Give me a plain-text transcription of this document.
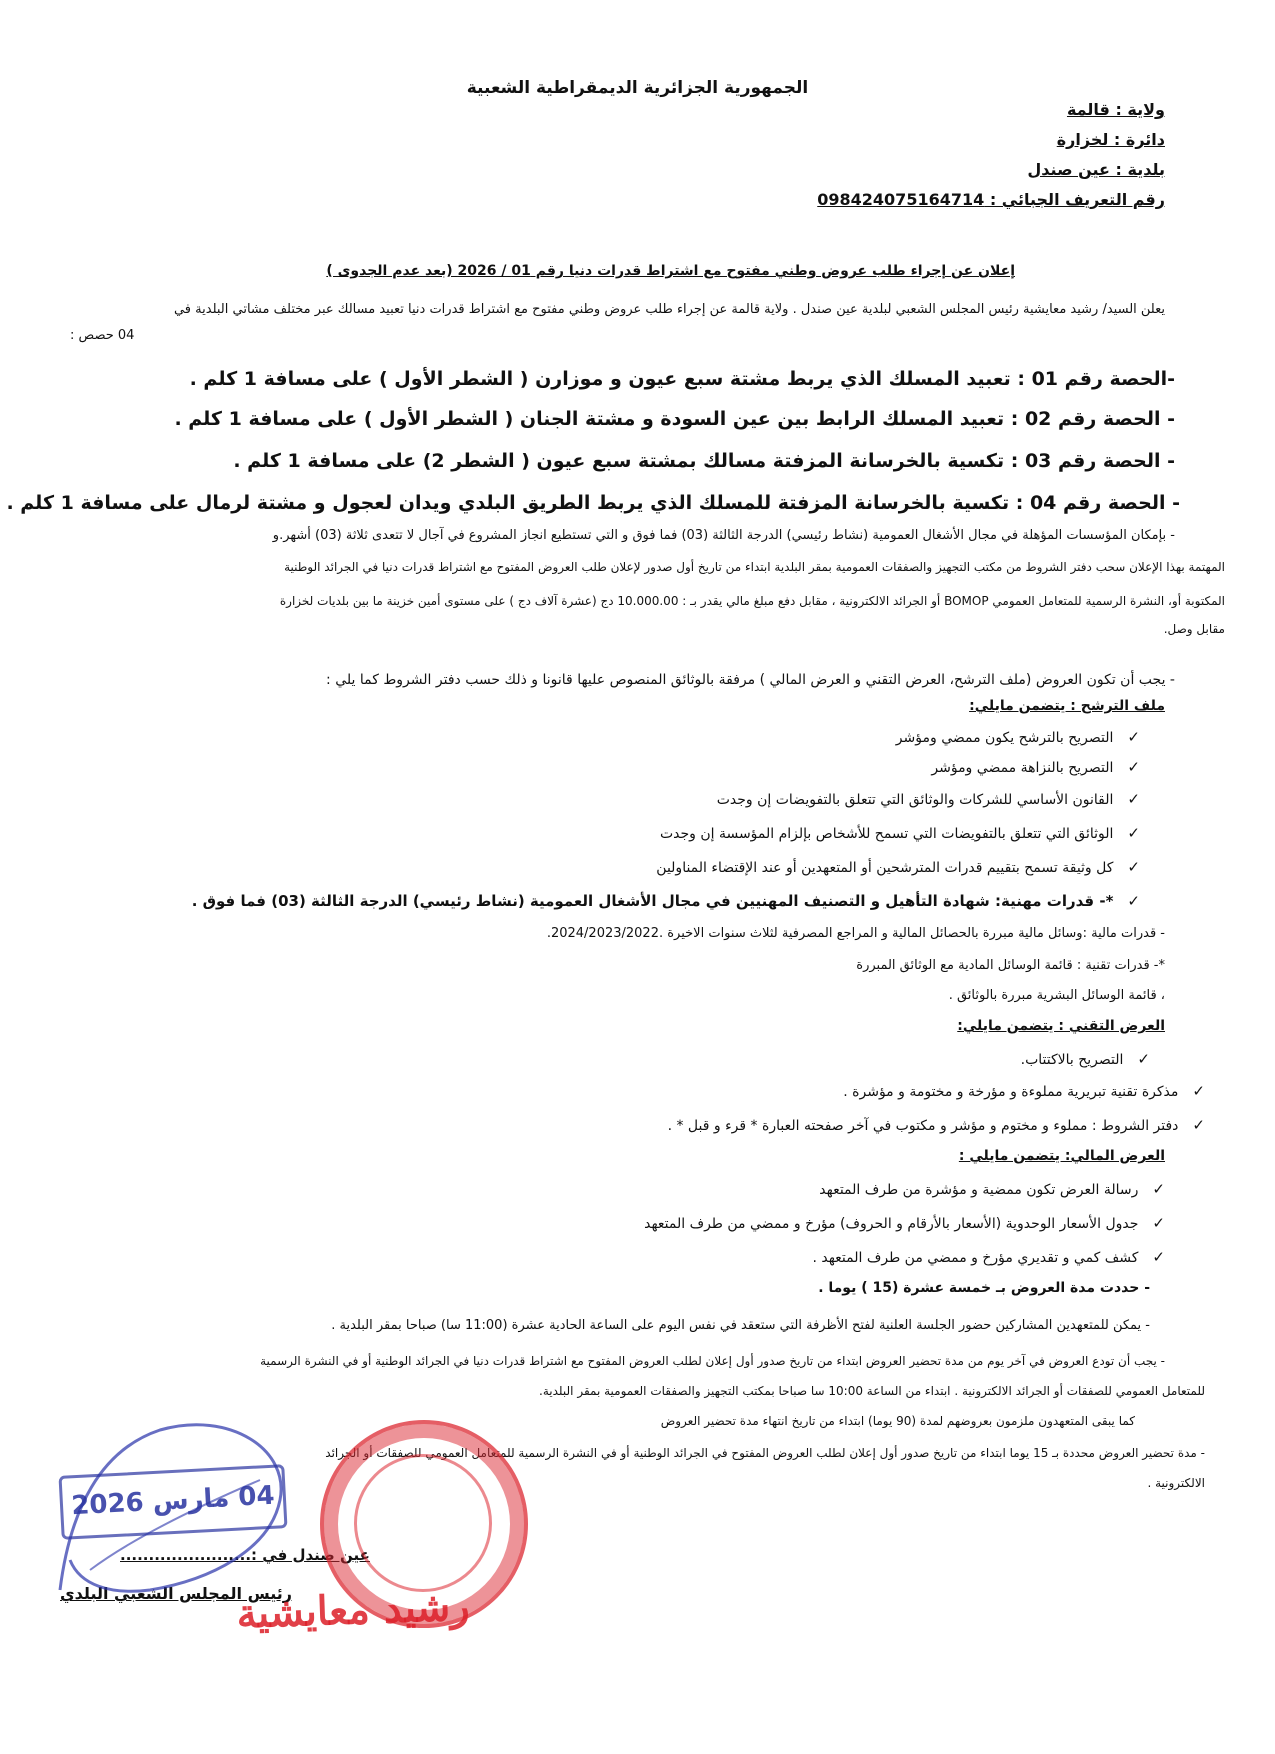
الجمهورية الجزائرية الديمقراطية الشعبية
ولاية : قالمة
دائرة : لخزارة
بلدية : عين صندل
رقم التعريف الجبائي : 098424075164714
إعلان عن إجراء طلب عروض وطني مفتوح مع اشتراط قدرات دنيا رقم 01 / 2026 (بعد عدم الجدوى )
يعلن السيد/ رشيد معايشية رئيس المجلس الشعبي لبلدية عين صندل . ولاية قالمة عن إجراء طلب عروض وطني مفتوح مع اشتراط قدرات دنيا تعبيد مسالك عبر مختلف مشاتي البلدية في
04 حصص :
-الحصة رقم 01 : تعبيد المسلك الذي يربط مشتة سبع عيون و موزارن ( الشطر الأول ) على مسافة 1 كلم .
- الحصة رقم 02 : تعبيد المسلك الرابط بين عين السودة و مشتة الجنان ( الشطر الأول ) على مسافة 1 كلم .
- الحصة رقم 03 : تكسية بالخرسانة المزفتة مسالك بمشتة سبع عيون ( الشطر 2) على مسافة 1 كلم .
- الحصة رقم 04 : تكسية بالخرسانة المزفتة للمسلك الذي يربط الطريق البلدي ويدان لعجول و مشتة لرمال على مسافة 1 كلم .
- بإمكان المؤسسات المؤهلة في مجال الأشغال العمومية (نشاط رئيسي) الدرجة الثالثة (03) فما فوق و التي تستطيع انجاز المشروع في آجال لا تتعدى ثلاثة (03) أشهر.و
المهتمة بهذا الإعلان سحب دفتر الشروط من مكتب التجهيز والصفقات العمومية بمقر البلدية ابتداء من تاريخ أول صدور لإعلان طلب العروض المفتوح مع اشتراط قدرات دنيا في الجرائد الوطنية
المكتوبة أو، النشرة الرسمية للمتعامل العمومي BOMOP أو الجرائد الالكترونية ، مقابل دفع مبلغ مالي يقدر بـ : 10.000.00 دج (عشرة آلاف دج ) على مستوى أمين خزينة ما بين بلديات لخزارة
مقابل وصل.
- يجب أن تكون العروض (ملف الترشح، العرض التقني و العرض المالي ) مرفقة بالوثائق المنصوص عليها قانونا و ذلك حسب دفتر الشروط كما يلي :
ملف الترشح : يتضمن مايلي:
✓التصريح بالترشح يكون ممضي ومؤشر
✓التصريح بالنزاهة ممضي ومؤشر
✓القانون الأساسي للشركات والوثائق التي تتعلق بالتفويضات إن وجدت
✓الوثائق التي تتعلق بالتفويضات التي تسمح للأشخاص بإلزام المؤسسة إن وجدت
✓كل وثيقة تسمح بتقييم قدرات المترشحين أو المتعهدين أو عند الإقتضاء المناولين
✓*- قدرات مهنية: شهادة التأهيل و التصنيف المهنيين في مجال الأشغال العمومية (نشاط رئيسي) الدرجة الثالثة (03) فما فوق .
- قدرات مالية :وسائل مالية مبررة بالحصائل المالية و المراجع المصرفية لثلاث سنوات الاخيرة .2024/2023/2022.
*- قدرات تقنية : قائمة الوسائل المادية مع الوثائق المبررة
، قائمة الوسائل البشرية مبررة بالوثائق .
العرض التقني : يتضمن مايلي:
✓التصريح بالاكتتاب.
✓مذكرة تقنية تبريرية مملوءة و مؤرخة و مختومة و مؤشرة .
✓دفتر الشروط : مملوء و مختوم و مؤشر و مكتوب في آخر صفحته العبارة * قرء و قبل * .
العرض المالي: يتضمن مايلي :
✓رسالة العرض تكون ممضية و مؤشرة من طرف المتعهد
✓جدول الأسعار الوحدوية (الأسعار بالأرقام و الحروف) مؤرخ و ممضي من طرف المتعهد
✓كشف كمي و تقديري مؤرخ و ممضي من طرف المتعهد .
- حددت مدة العروض بـ خمسة عشرة (15 ) يوما .
- يمكن للمتعهدين المشاركين حضور الجلسة العلنية لفتح الأظرفة التي ستعقد في نفس اليوم على الساعة الحادية عشرة (11:00 سا) صباحا بمقر البلدية .
- يجب أن تودع العروض في آخر يوم من مدة تحضير العروض ابتداء من تاريخ صدور أول إعلان لطلب العروض المفتوح مع اشتراط قدرات دنيا في الجرائد الوطنية أو في النشرة الرسمية
للمتعامل العمومي للصفقات أو الجرائد الالكترونية . ابتداء من الساعة 10:00 سا صباحا بمكتب التجهيز والصفقات العمومية بمقر البلدية.
كما يبقى المتعهدون ملزمون بعروضهم لمدة (90 يوما) ابتداء من تاريخ انتهاء مدة تحضير العروض
- مدة تحضير العروض محددة بـ 15 يوما ابتداء من تاريخ صدور أول إعلان لطلب العروض المفتوح في الجرائد الوطنية أو في النشرة الرسمية للمتعامل العمومي للصفقات أو الجرائد
الالكترونية .
عين صندل في :.......................
رئيس المجلس الشعبي البلدي
04 مارس 2026
رشيد معايشية
